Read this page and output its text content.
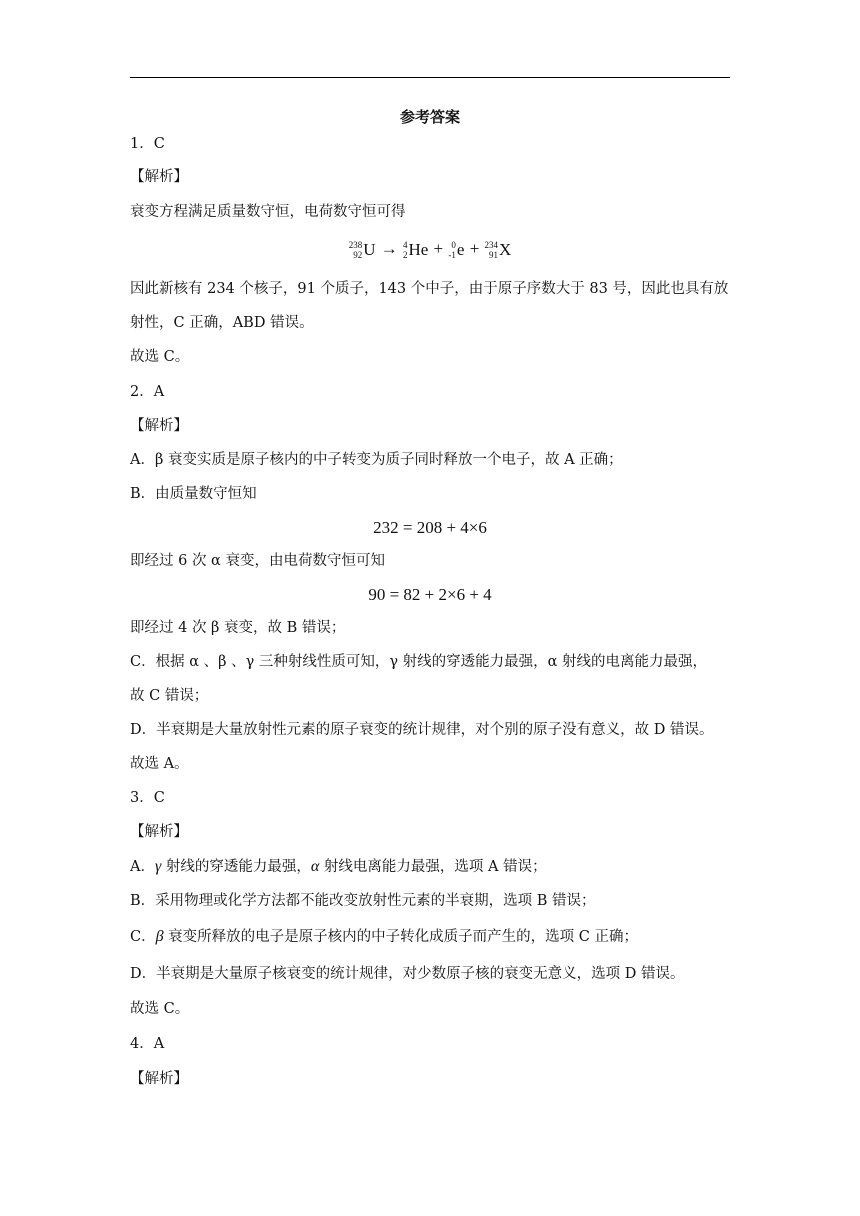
参考答案
1．C
【解析】
衰变方程满足质量数守恒，电荷数守恒可得
238
92 U → 4
2 He + 0
-1 e + 234
91 X
因此新核有 234 个核子，91 个质子，143 个中子，由于原子序数大于 83 号，因此也具有放
射性，C 正确，ABD 错误。
故选 C。
2．A
【解析】
A．β 衰变实质是原子核内的中子转变为质子同时释放一个电子，故 A 正确；
B．由质量数守恒知
232 = 208 + 4×6
即经过 6 次 α 衰变，由电荷数守恒可知
90 = 82 + 2×6 + 4
即经过 4 次 β 衰变，故 B 错误；
C．根据 α 、β 、γ 三种射线性质可知，γ 射线的穿透能力最强，α 射线的电离能力最强，
故 C 错误；
D．半衰期是大量放射性元素的原子衰变的统计规律，对个别的原子没有意义，故 D 错误。
故选 A。
3．C
【解析】
A．γ 射线的穿透能力最强，α 射线电离能力最强，选项 A 错误；
B．采用物理或化学方法都不能改变放射性元素的半衰期，选项 B 错误；
C．β 衰变所释放的电子是原子核内的中子转化成质子而产生的，选项 C 正确；
D．半衰期是大量原子核衰变的统计规律，对少数原子核的衰变无意义，选项 D 错误。
故选 C。
4．A
【解析】
